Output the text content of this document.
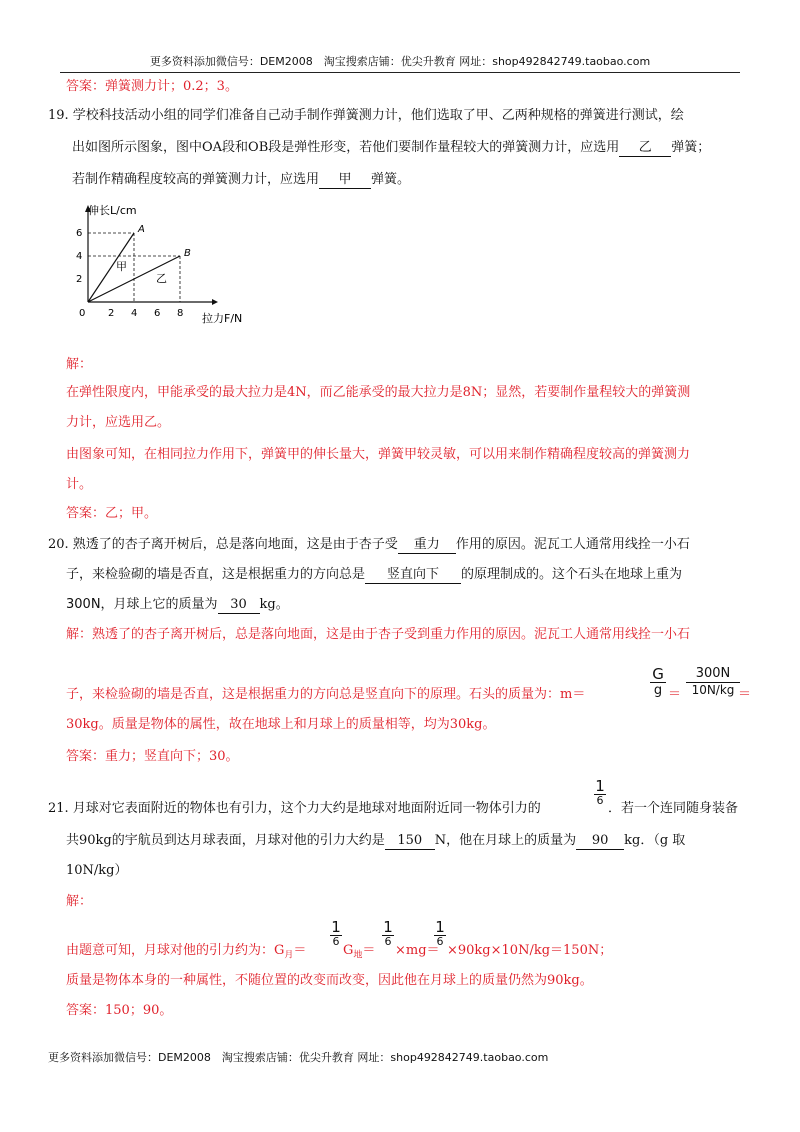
更多资料添加微信号：DEM2008　淘宝搜索店铺：优尖升教育 网址：shop492842749.taobao.com
答案：弹簧测力计；0.2；3。
19. 学校科技活动小组的同学们准备自己动手制作弹簧测力计，他们选取了甲、乙两种规格的弹簧进行测试，绘
出如图所示图象，图中OA段和OB段是弹性形变，若他们要制作量程较大的弹簧测力计，应选用 乙 弹簧；
若制作精确程度较高的弹簧测力计，应选用 甲 弹簧。
伸长L/cm
拉力F/N
0 2 4 6 8
2
4
6	A
B
甲
乙
解：
在弹性限度内，甲能承受的最大拉力是4N，而乙能承受的最大拉力是8N；显然，若要制作量程较大的弹簧测
力计，应选用乙。
由图象可知，在相同拉力作用下，弹簧甲的伸长量大，弹簧甲较灵敏，可以用来制作精确程度较高的弹簧测力
计。
答案：乙；甲。
20. 熟透了的杏子离开树后，总是落向地面，这是由于杏子受 重力 作用的原因。泥瓦工人通常用线拴一小石
子，来检验砌的墙是否直，这是根据重力的方向总是 竖直向下 的原理制成的。这个石头在地球上重为
300N，月球上它的质量为 30 kg。
解：熟透了的杏子离开树后，总是落向地面，这是由于杏子受到重力作用的原因。泥瓦工人通常用线拴一小石
子，来检验砌的墙是否直，这是根据重力的方向总是竖直向下的原理。石头的质量为：m＝
G
g ＝
300N
10N/kg ＝
30kg。质量是物体的属性，故在地球上和月球上的质量相等，均为30kg。
答案：重力；竖直向下；30。
1
6
21. 月球对它表面附近的物体也有引力，这个力大约是地球对地面附近同一物体引力的	．若一个连同随身装备
共90kg的宇航员到达月球表面，月球对他的引力大约是 150 N，他在月球上的质量为 90 kg．（g 取
10N/kg）
解：
1
6
1
6
1
6
由题意可知，月球对他的引力约为：$G_月=$	$G_地= \times mg= \times 90kg\times 10N/kg=150N$；
质量是物体本身的一种属性，不随位置的改变而改变，因此他在月球上的质量仍然为90kg。
答案：150；90。
更多资料添加微信号：DEM2008　淘宝搜索店铺：优尖升教育 网址：shop492842749.taobao.com
